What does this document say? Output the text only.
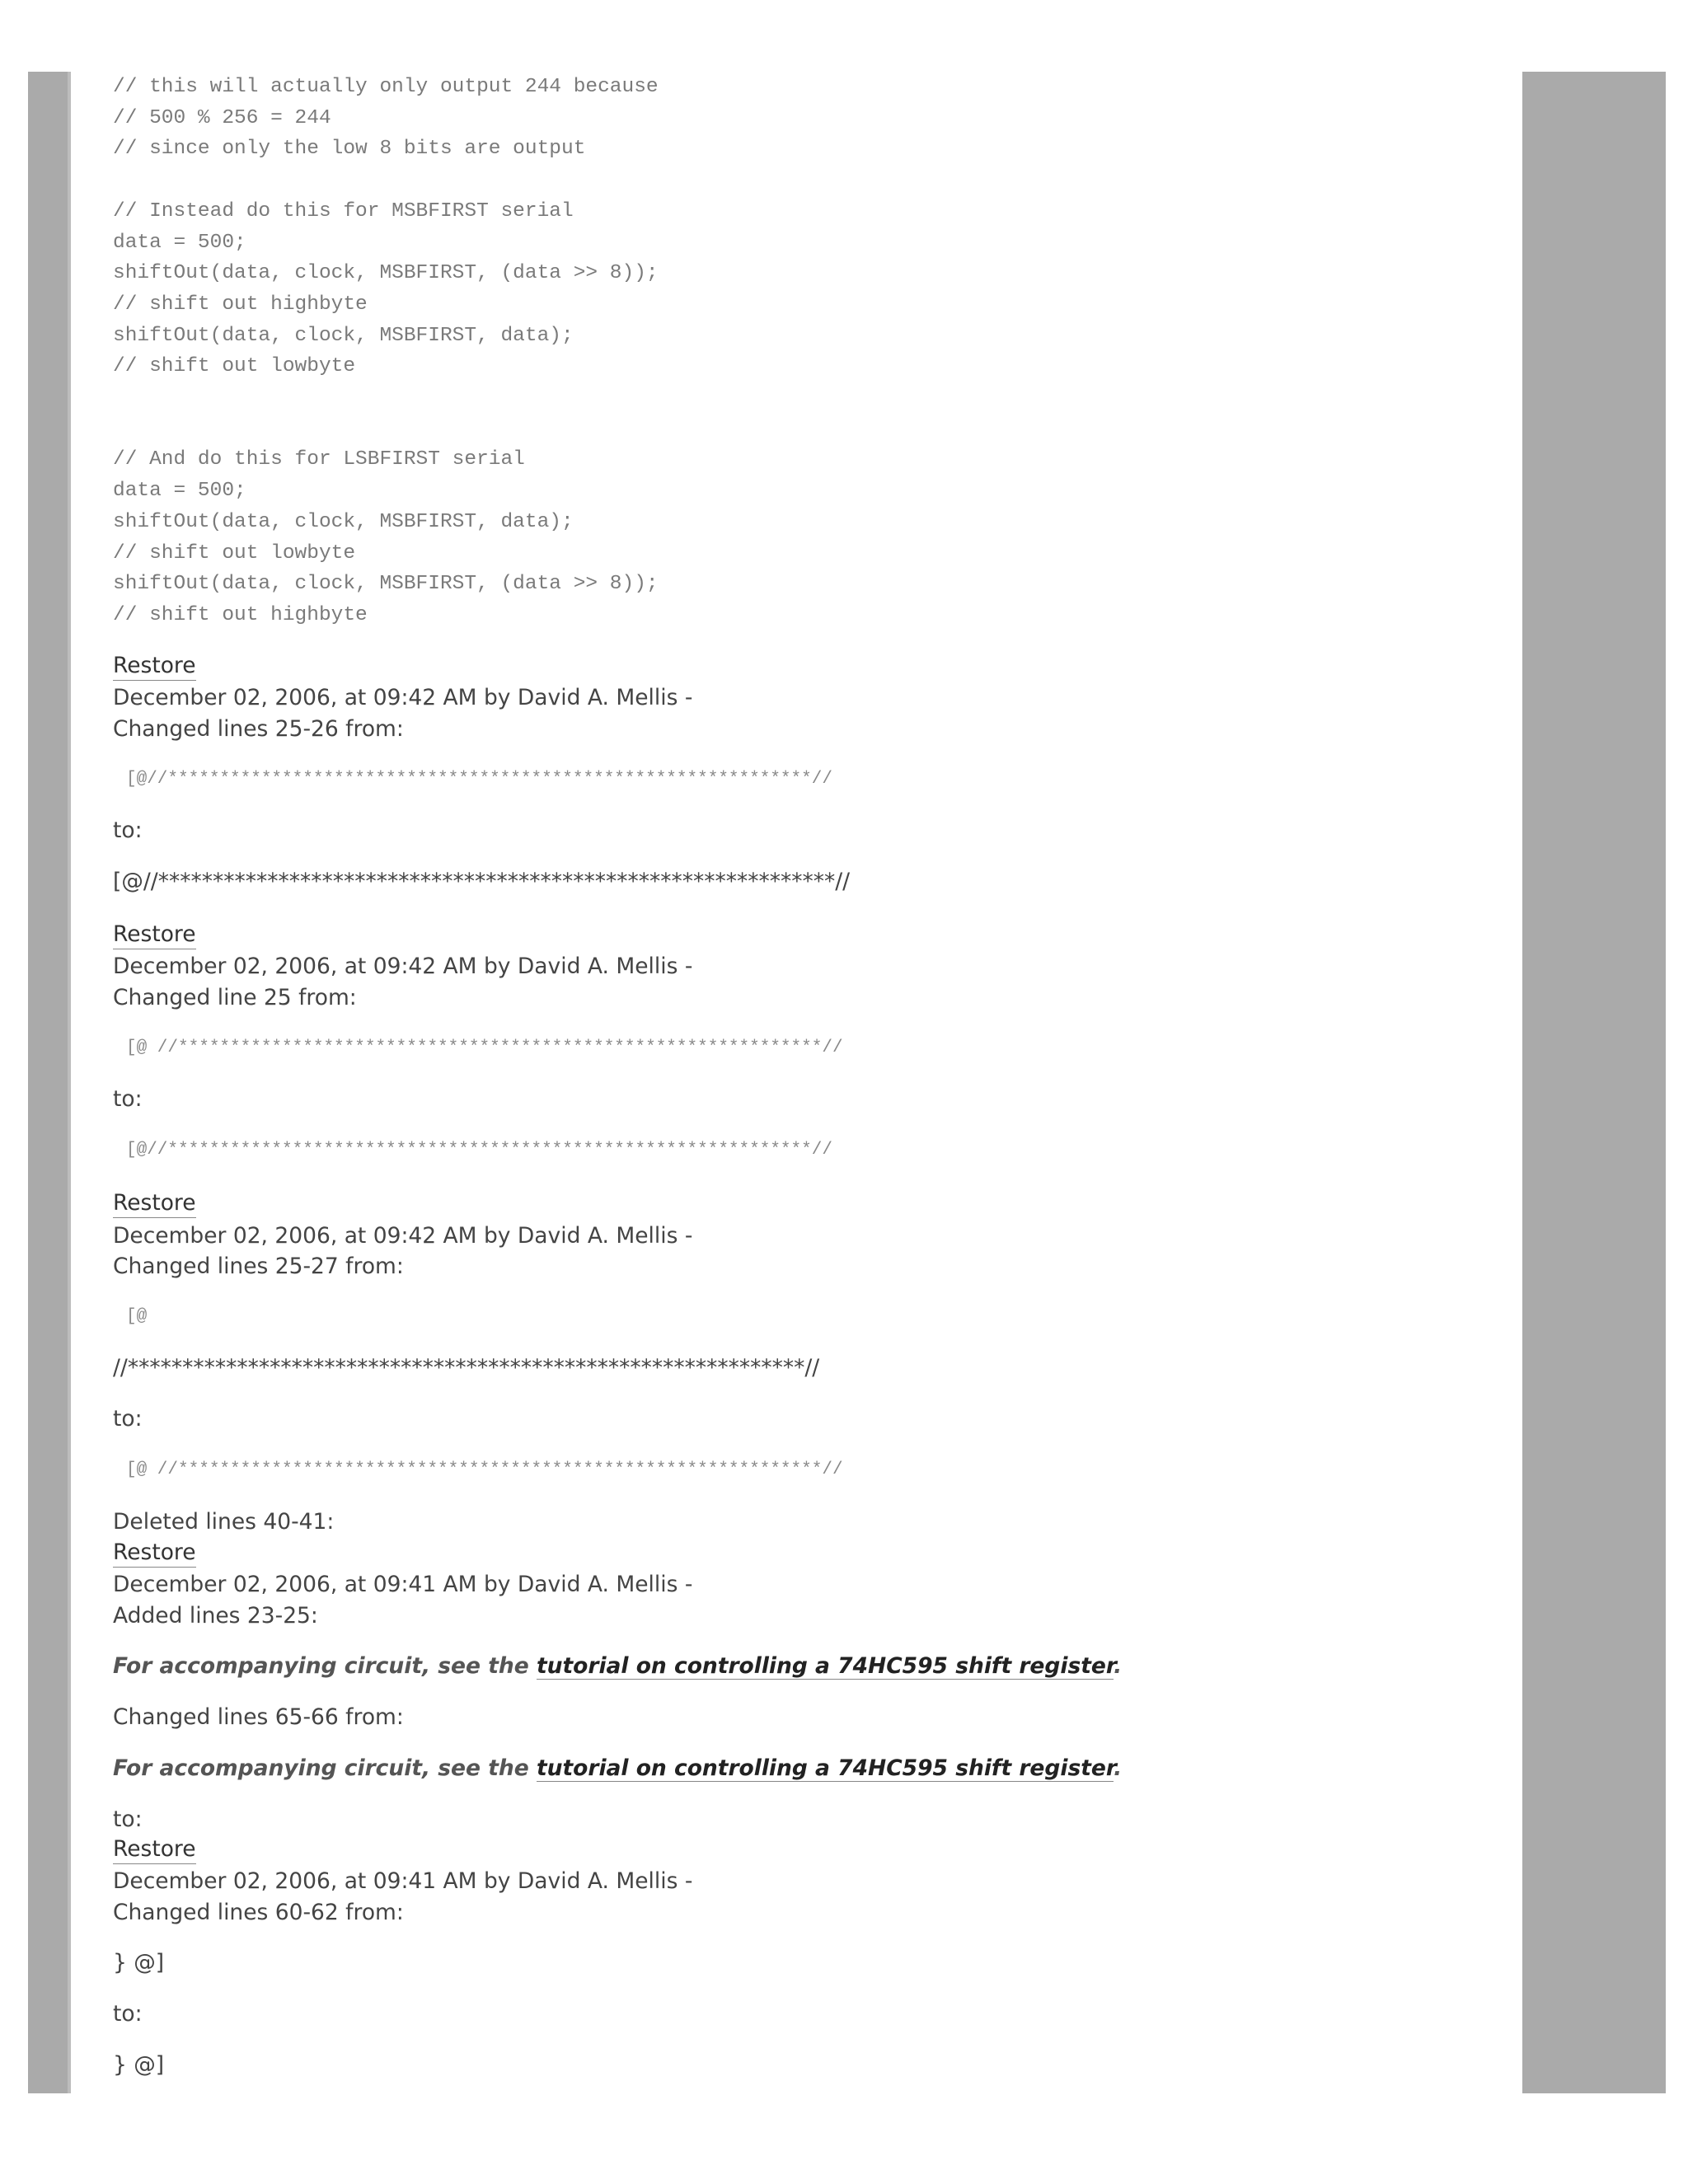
// this will actually only output 244 because
// 500 % 256 = 244
// since only the low 8 bits are output
// Instead do this for MSBFIRST serial
data = 500;
shiftOut(data, clock, MSBFIRST, (data >> 8));
// shift out highbyte
shiftOut(data, clock, MSBFIRST, data);
// shift out lowbyte
// And do this for LSBFIRST serial
data = 500;
shiftOut(data, clock, MSBFIRST, data);
// shift out lowbyte
shiftOut(data, clock, MSBFIRST, (data >> 8));
// shift out highbyte
Restore
December 02, 2006, at 09:42 AM by David A. Mellis -
Changed lines 25-26 from:
[@//**************************************************************//
to:
[@//**************************************************************//
Restore
December 02, 2006, at 09:42 AM by David A. Mellis -
Changed line 25 from:
[@ //**************************************************************//
to:
[@//**************************************************************//
Restore
December 02, 2006, at 09:42 AM by David A. Mellis -
Changed lines 25-27 from:
[@
//**************************************************************//
to:
[@ //**************************************************************//
Deleted lines 40-41:
Restore
December 02, 2006, at 09:41 AM by David A. Mellis -
Added lines 23-25:
For accompanying circuit, see the tutorial on controlling a 74HC595 shift register.
Changed lines 65-66 from:
For accompanying circuit, see the tutorial on controlling a 74HC595 shift register.
to:
Restore
December 02, 2006, at 09:41 AM by David A. Mellis -
Changed lines 60-62 from:
} @]
to:
} @]
